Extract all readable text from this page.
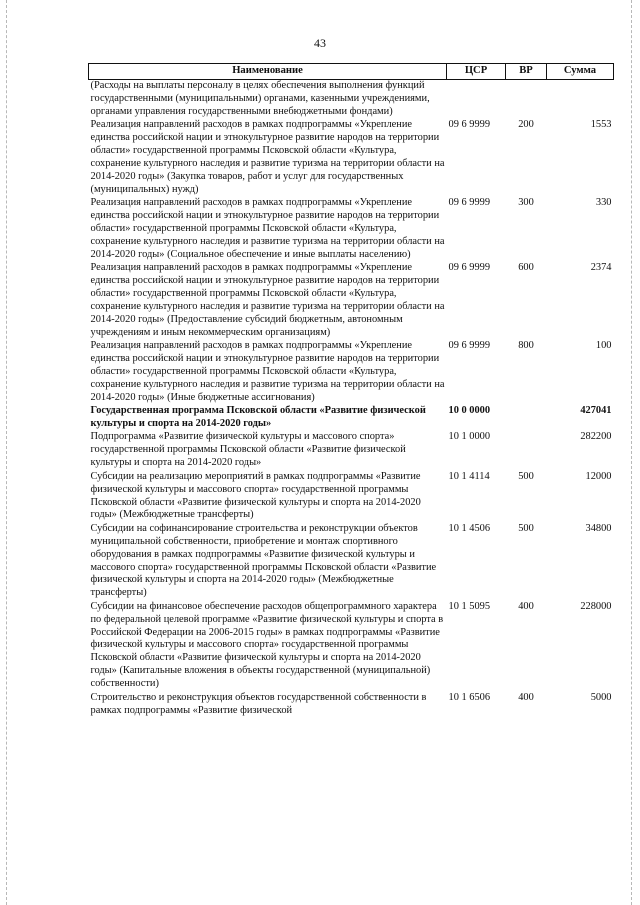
43
Наименование	ЦСР	ВР	Сумма
(Расходы на выплаты персоналу в целях обеспечения выполнения функций государственными (муниципальными) органами, казенными учреждениями, органами управления государственными внебюджетными фондами)			
Реализация направлений расходов в рамках подпрограммы «Укрепление единства российской нации и этнокультурное развитие народов на территории области» государственной программы Псковской области «Культура, сохранение культурного наследия и развитие туризма на территории области на 2014-2020 годы» (Закупка товаров, работ и услуг для государственных (муниципальных) нужд)	09 6 9999	200	1553
Реализация направлений расходов в рамках подпрограммы «Укрепление единства российской нации и этнокультурное развитие народов на территории области» государственной программы Псковской области «Культура, сохранение культурного наследия и развитие туризма на территории области на 2014-2020 годы» (Социальное обеспечение и иные выплаты населению)	09 6 9999	300	330
Реализация направлений расходов в рамках подпрограммы «Укрепление единства российской нации и этнокультурное развитие народов на территории области» государственной программы Псковской области «Культура, сохранение культурного наследия и развитие туризма на территории области на 2014-2020 годы» (Предоставление субсидий бюджетным, автономным учреждениям и иным некоммерческим организациям)	09 6 9999	600	2374
Реализация направлений расходов в рамках подпрограммы «Укрепление единства российской нации и этнокультурное развитие народов на территории области» государственной программы Псковской области «Культура, сохранение культурного наследия и развитие туризма на территории области на 2014-2020 годы» (Иные бюджетные ассигнования)	09 6 9999	800	100
Государственная программа Псковской области «Развитие физической культуры и спорта на 2014-2020 годы»	10 0 0000		427041
Подпрограмма «Развитие физической культуры и массового спорта» государственной программы Псковской области «Развитие физической культуры и спорта на 2014-2020 годы»	10 1 0000		282200
Субсидии на реализацию мероприятий в рамках подпрограммы «Развитие физической культуры и массового спорта» государственной программы Псковской области «Развитие физической культуры и спорта на 2014-2020 годы» (Межбюджетные трансферты)	10 1 4114	500	12000
Субсидии на софинансирование строительства и реконструкции объектов муниципальной собственности, приобретение и монтаж спортивного оборудования в рамках подпрограммы «Развитие физической культуры и массового спорта» государственной программы Псковской области «Развитие физической культуры и спорта на 2014-2020 годы» (Межбюджетные трансферты)	10 1 4506	500	34800
Субсидии на финансовое обеспечение расходов общепрограммного характера по федеральной целевой программе «Развитие физической культуры и спорта в Российской Федерации на 2006-2015 годы» в рамках подпрограммы «Развитие физической культуры и массового спорта» государственной программы Псковской области «Развитие физической культуры и спорта на 2014-2020 годы» (Капитальные вложения в объекты государственной (муниципальной) собственности)	10 1 5095	400	228000
Строительство и реконструкция объектов государственной собственности в рамках подпрограммы «Развитие физической	10 1 6506	400	5000
